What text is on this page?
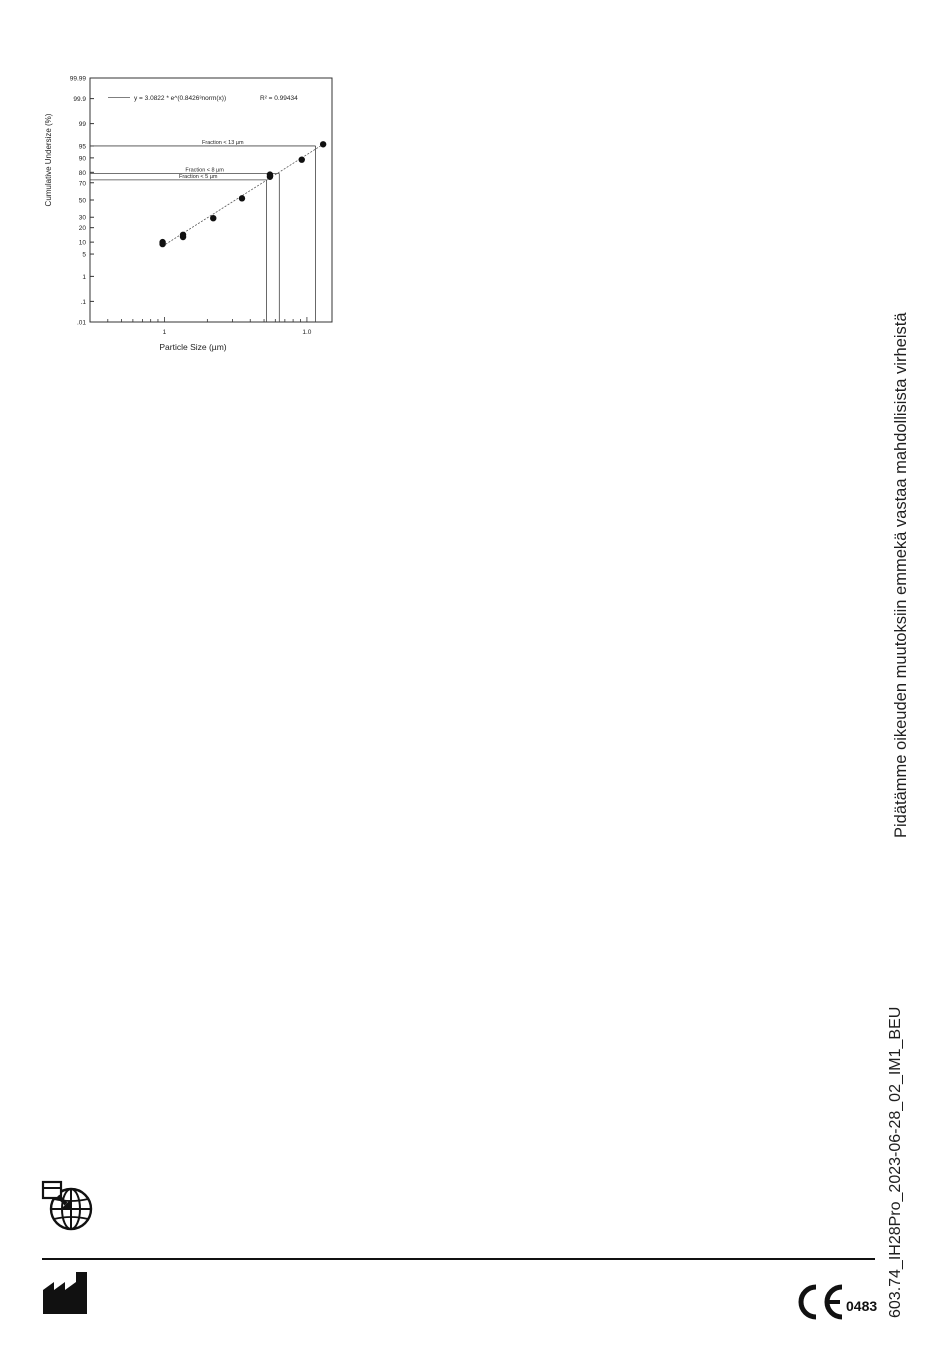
.01
.1
1
5
10
20
30
50
70
80
90
95
99
99.9
99.99
1	1.0
Particle Size (µm)
Cumulative Undersize (%)
y = 3.0822 * e^(0.8426³norm(x))	R² = 0.99434
Fraction < 13 µm
Fraction < 8 µm
Fraction < 5 µm
Pidätämme oikeuden muutoksiin emmekä vastaa mahdollisista virheistä
603.74_IH28Pro_2023-06-28_02_IM1_BEU
0483
